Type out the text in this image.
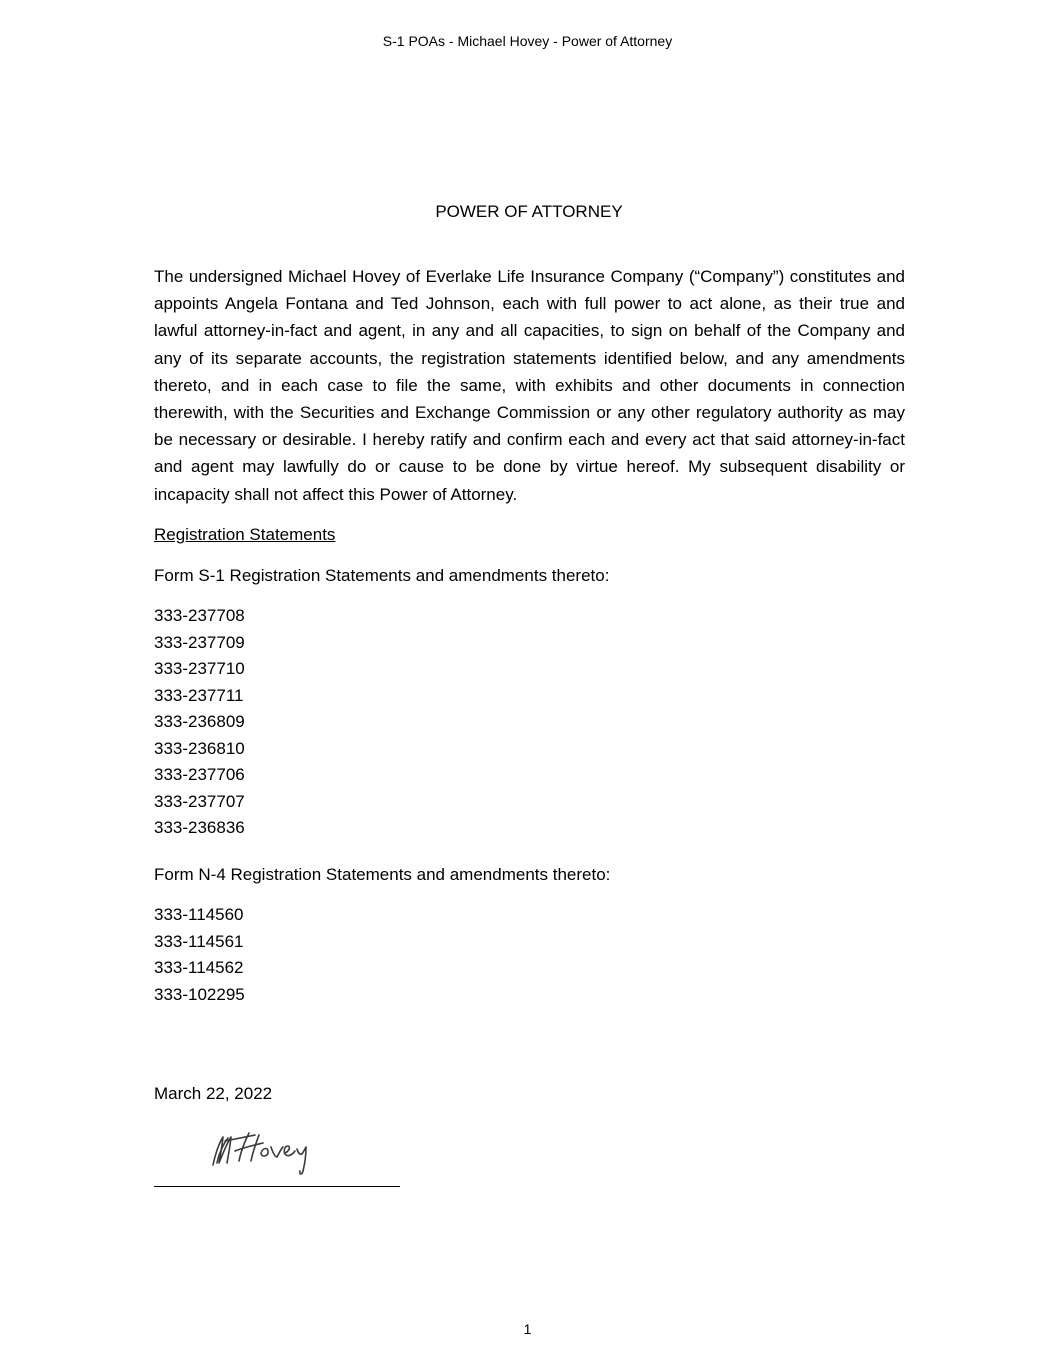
S-1 POAs - Michael Hovey - Power of Attorney
POWER OF ATTORNEY

The undersigned Michael Hovey of Everlake Life Insurance Company (“Company”) constitutes and appoints Angela Fontana and Ted Johnson, each with full power to act alone, as their true and lawful attorney-in-fact and agent, in any and all capacities, to sign on behalf of the Company and any of its separate accounts, the registration statements identified below, and any amendments thereto, and in each case to file the same, with exhibits and other documents in connection therewith, with the Securities and Exchange Commission or any other regulatory authority as may be necessary or desirable. I hereby ratify and confirm each and every act that said attorney-in-fact and agent may lawfully do or cause to be done by virtue hereof. My subsequent disability or incapacity shall not affect this Power of Attorney.

Registration Statements
Form S-1 Registration Statements and amendments thereto:
333-237708
333-237709
333-237710
333-237711
333-236809
333-236810
333-237706
333-237707
333-236836
Form N-4 Registration Statements and amendments thereto:
333-114560
333-114561
333-114562
333-102295
March 22, 2022
1
